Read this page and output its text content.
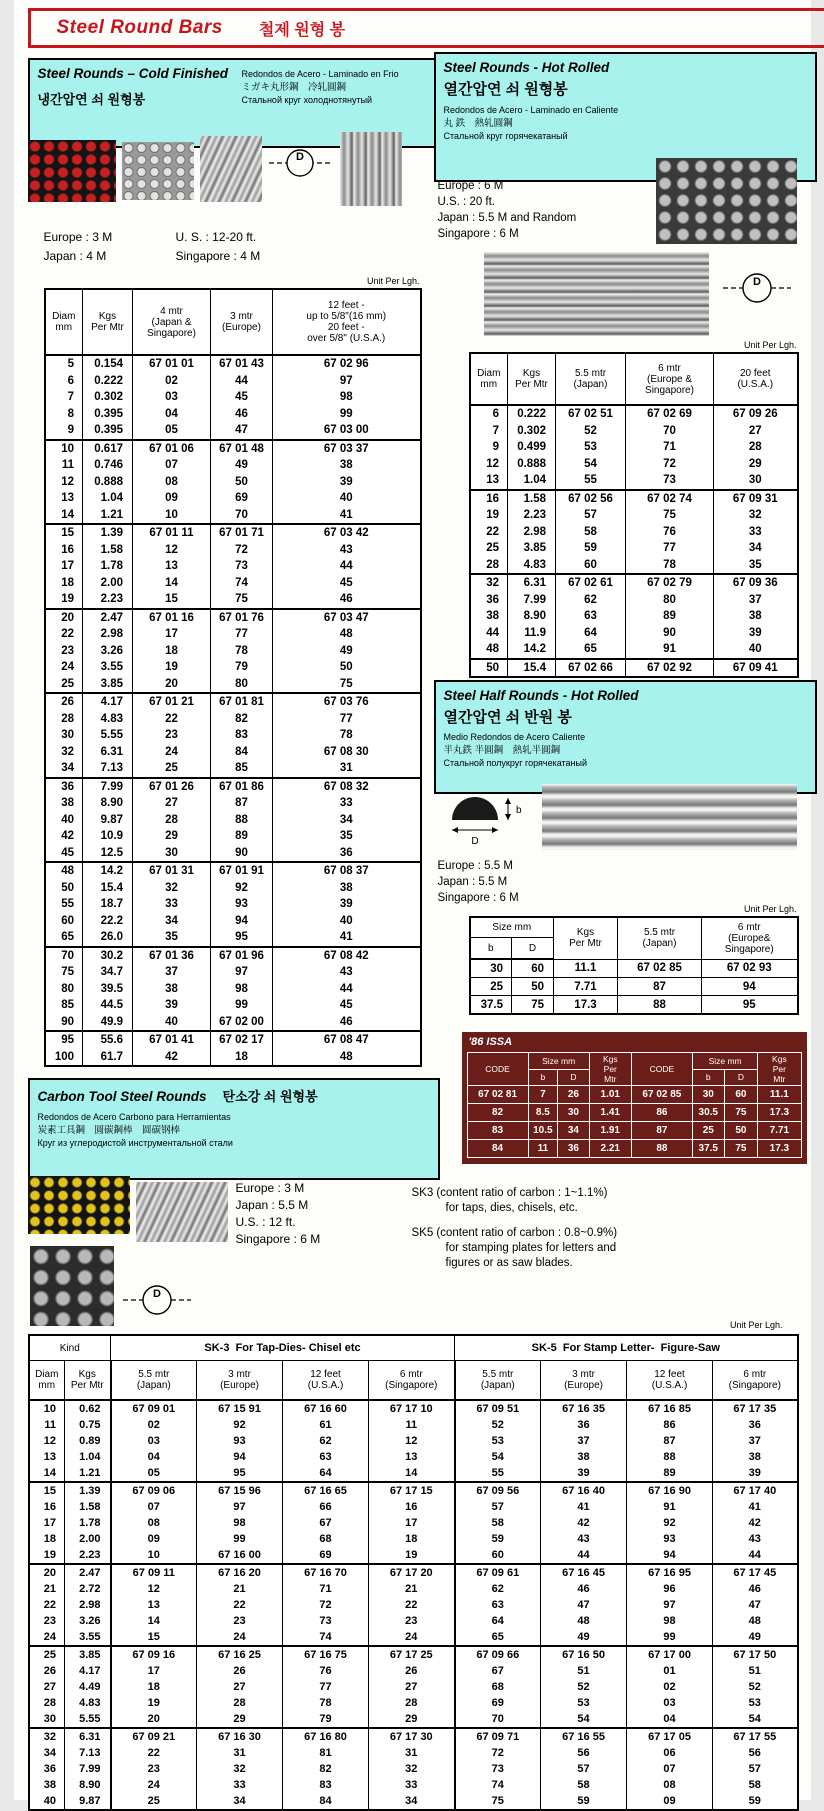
Steel Round Bars 철제 원형 봉
Steel Rounds – Cold Finished
냉간압연 쇠 원형봉
Redondos de Acero - Laminado en Frio
ミガキ丸形鋼　冷轧圓鋼
Стальной круг холоднотянутый
D
Europe : 3 M	U. S. : 12-20 ft.
Japan : 4 M	Singapore : 4 M
Unit Per Lgh.
Diam
mm	Kgs
Per Mtr	4 mtr
(Japan &
Singapore)	3 mtr
(Europe)	12 feet -
up to 5/8"(16 mm)
20 feet -
over 5/8" (U.S.A.)
5	0.154	67 01 01	67 01 43	67 02 96
6	0.222	02	44	97
7	0.302	03	45	98
8	0.395	04	46	99
9	0.395	05	47	67 03 00
10	0.617	67 01 06	67 01 48	67 03 37
11	0.746	07	49	38
12	0.888	08	50	39
13	1.04	09	69	40
14	1.21	10	70	41
15	1.39	67 01 11	67 01 71	67 03 42
16	1.58	12	72	43
17	1.78	13	73	44
18	2.00	14	74	45
19	2.23	15	75	46
20	2.47	67 01 16	67 01 76	67 03 47
22	2.98	17	77	48
23	3.26	18	78	49
24	3.55	19	79	50
25	3.85	20	80	75
26	4.17	67 01 21	67 01 81	67 03 76
28	4.83	22	82	77
30	5.55	23	83	78
32	6.31	24	84	67 08 30
34	7.13	25	85	31
36	7.99	67 01 26	67 01 86	67 08 32
38	8.90	27	87	33
40	9.87	28	88	34
42	10.9	29	89	35
45	12.5	30	90	36
48	14.2	67 01 31	67 01 91	67 08 37
50	15.4	32	92	38
55	18.7	33	93	39
60	22.2	34	94	40
65	26.0	35	95	41
70	30.2	67 01 36	67 01 96	67 08 42
75	34.7	37	97	43
80	39.5	38	98	44
85	44.5	39	99	45
90	49.9	40	67 02 00	46
95	55.6	67 01 41	67 02 17	67 08 47
100	61.7	42	18	48
Carbon Tool Steel Rounds 탄소강 쇠 원형봉
Redondos de Acero Carbono para Herramientas
炭素工具鋼　圓碳鋼棒　圆碳钢棒
Круг из углеродистой инструментальной стали
D
Europe : 3 M
Japan : 5.5 M
U.S. : 12 ft.
Singapore : 6 M
SK3 (content ratio of carbon : 1~1.1%)
for taps, dies, chisels, etc.
SK5 (content ratio of carbon : 0.8~0.9%)
for stamping plates for letters and
figures or as saw blades.
Unit Per Lgh.
Kind		SK-3  For Tap-Dies- Chisel etc				SK-5  For Stamp Letter-  Figure-Saw			
Diam
mm	Kgs
Per Mtr	5.5 mtr
(Japan)	3 mtr
(Europe)	12 feet
(U.S.A.)	6 mtr
(Singapore)	5.5 mtr
(Japan)	3 mtr
(Europe)	12 feet
(U.S.A.)	6 mtr
(Singapore)
10	0.62	67 09 01	67 15 91	67 16 60	67 17 10	67 09 51	67 16 35	67 16 85	67 17 35
11	0.75	02	92	61	11	52	36	86	36
12	0.89	03	93	62	12	53	37	87	37
13	1.04	04	94	63	13	54	38	88	38
14	1.21	05	95	64	14	55	39	89	39
15	1.39	67 09 06	67 15 96	67 16 65	67 17 15	67 09 56	67 16 40	67 16 90	67 17 40
16	1.58	07	97	66	16	57	41	91	41
17	1.78	08	98	67	17	58	42	92	42
18	2.00	09	99	68	18	59	43	93	43
19	2.23	10	67 16 00	69	19	60	44	94	44
20	2.47	67 09 11	67 16 20	67 16 70	67 17 20	67 09 61	67 16 45	67 16 95	67 17 45
21	2.72	12	21	71	21	62	46	96	46
22	2.98	13	22	72	22	63	47	97	47
23	3.26	14	23	73	23	64	48	98	48
24	3.55	15	24	74	24	65	49	99	49
25	3.85	67 09 16	67 16 25	67 16 75	67 17 25	67 09 66	67 16 50	67 17 00	67 17 50
26	4.17	17	26	76	26	67	51	01	51
27	4.49	18	27	77	27	68	52	02	52
28	4.83	19	28	78	28	69	53	03	53
30	5.55	20	29	79	29	70	54	04	54
32	6.31	67 09 21	67 16 30	67 16 80	67 17 30	67 09 71	67 16 55	67 17 05	67 17 55
34	7.13	22	31	81	31	72	56	06	56
36	7.99	23	32	82	32	73	57	07	57
38	8.90	24	33	83	33	74	58	08	58
40	9.87	25	34	84	34	75	59	09	59
Steel Rounds - Hot Rolled
열간압연 쇠 원형봉
Redondos de Acero - Laminado en Caliente
丸 鉄　熱轧圓鋼
Стальной круг горячекатаный
Europe : 6 M
U.S. : 20 ft.
Japan : 5.5 M and Random
Singapore : 6 M
D
Unit Per Lgh.
Diam
mm	Kgs
Per Mtr	5.5 mtr
(Japan)	6 mtr
(Europe &
Singapore)	20 feet
(U.S.A.)
6	0.222	67 02 51	67 02 69	67 09 26
7	0.302	52	70	27
9	0.499	53	71	28
12	0.888	54	72	29
13	1.04	55	73	30
16	1.58	67 02 56	67 02 74	67 09 31
19	2.23	57	75	32
22	2.98	58	76	33
25	3.85	59	77	34
28	4.83	60	78	35
32	6.31	67 02 61	67 02 79	67 09 36
36	7.99	62	80	37
38	8.90	63	89	38
44	11.9	64	90	39
48	14.2	65	91	40
50	15.4	67 02 66	67 02 92	67 09 41
Steel Half Rounds - Hot Rolled
열간압연 쇠 반원 봉
Medio Redondos de Acero Caliente
半丸鉄 半圓鋼　熱轧半圓鋼
Стальной полукруг горячекатаный
D
b
Europe : 5.5 M
Japan : 5.5 M
Singapore : 6 M
Unit Per Lgh.
Size mm		Kgs
Per Mtr	5.5 mtr
(Japan)	6 mtr
(Europe&
Singapore)
b	D			
30	60	11.1	67 02 85	67 02 93
25	50	7.71	87	94
37.5	75	17.3	88	95
'86 ISSA
CODE	Size mm		Kgs
Per
Mtr	CODE	Size mm		Kgs
Per
Mtr
	b	D			b	D	
67 02 81	7	26	1.01	67 02 85	30	60	11.1
82	8.5	30	1.41	86	30.5	75	17.3
83	10.5	34	1.91	87	25	50	7.71
84	11	36	2.21	88	37.5	75	17.3
